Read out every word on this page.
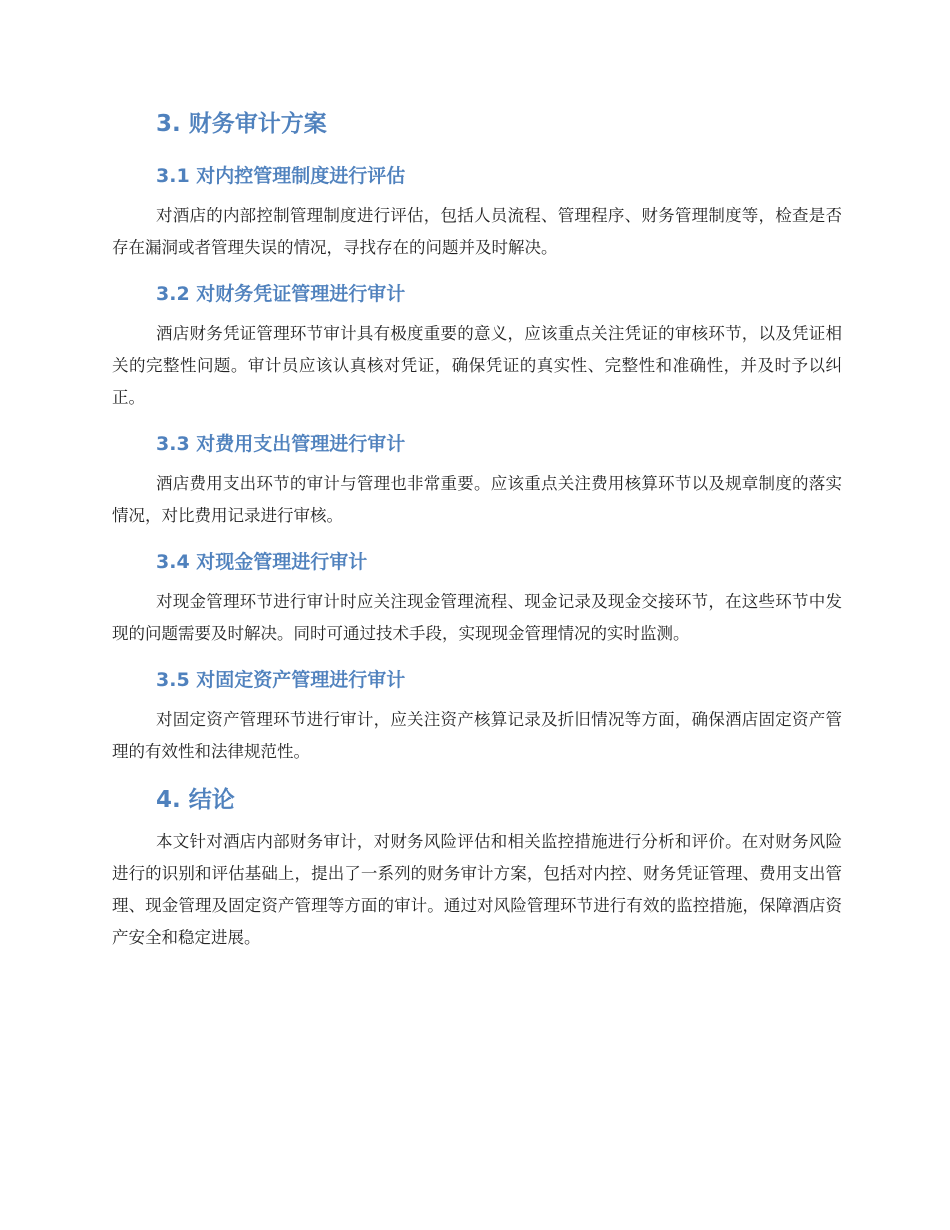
3. 财务审计方案
3.1 对内控管理制度进行评估

对酒店的内部控制管理制度进行评估，包括人员流程、管理程序、财务管理制度等，检查是否存在漏洞或者管理失误的情况，寻找存在的问题并及时解决。

3.2 对财务凭证管理进行审计

酒店财务凭证管理环节审计具有极度重要的意义，应该重点关注凭证的审核环节，以及凭证相关的完整性问题。审计员应该认真核对凭证，确保凭证的真实性、完整性和准确性，并及时予以纠正。

3.3 对费用支出管理进行审计

酒店费用支出环节的审计与管理也非常重要。应该重点关注费用核算环节以及规章制度的落实情况，对比费用记录进行审核。

3.4 对现金管理进行审计

对现金管理环节进行审计时应关注现金管理流程、现金记录及现金交接环节，在这些环节中发现的问题需要及时解决。同时可通过技术手段，实现现金管理情况的实时监测。

3.5 对固定资产管理进行审计

对固定资产管理环节进行审计，应关注资产核算记录及折旧情况等方面，确保酒店固定资产管理的有效性和法律规范性。

4. 结论

本文针对酒店内部财务审计，对财务风险评估和相关监控措施进行分析和评价。在对财务风险进行的识别和评估基础上，提出了一系列的财务审计方案，包括对内控、财务凭证管理、费用支出管理、现金管理及固定资产管理等方面的审计。通过对风险管理环节进行有效的监控措施，保障酒店资产安全和稳定进展。
